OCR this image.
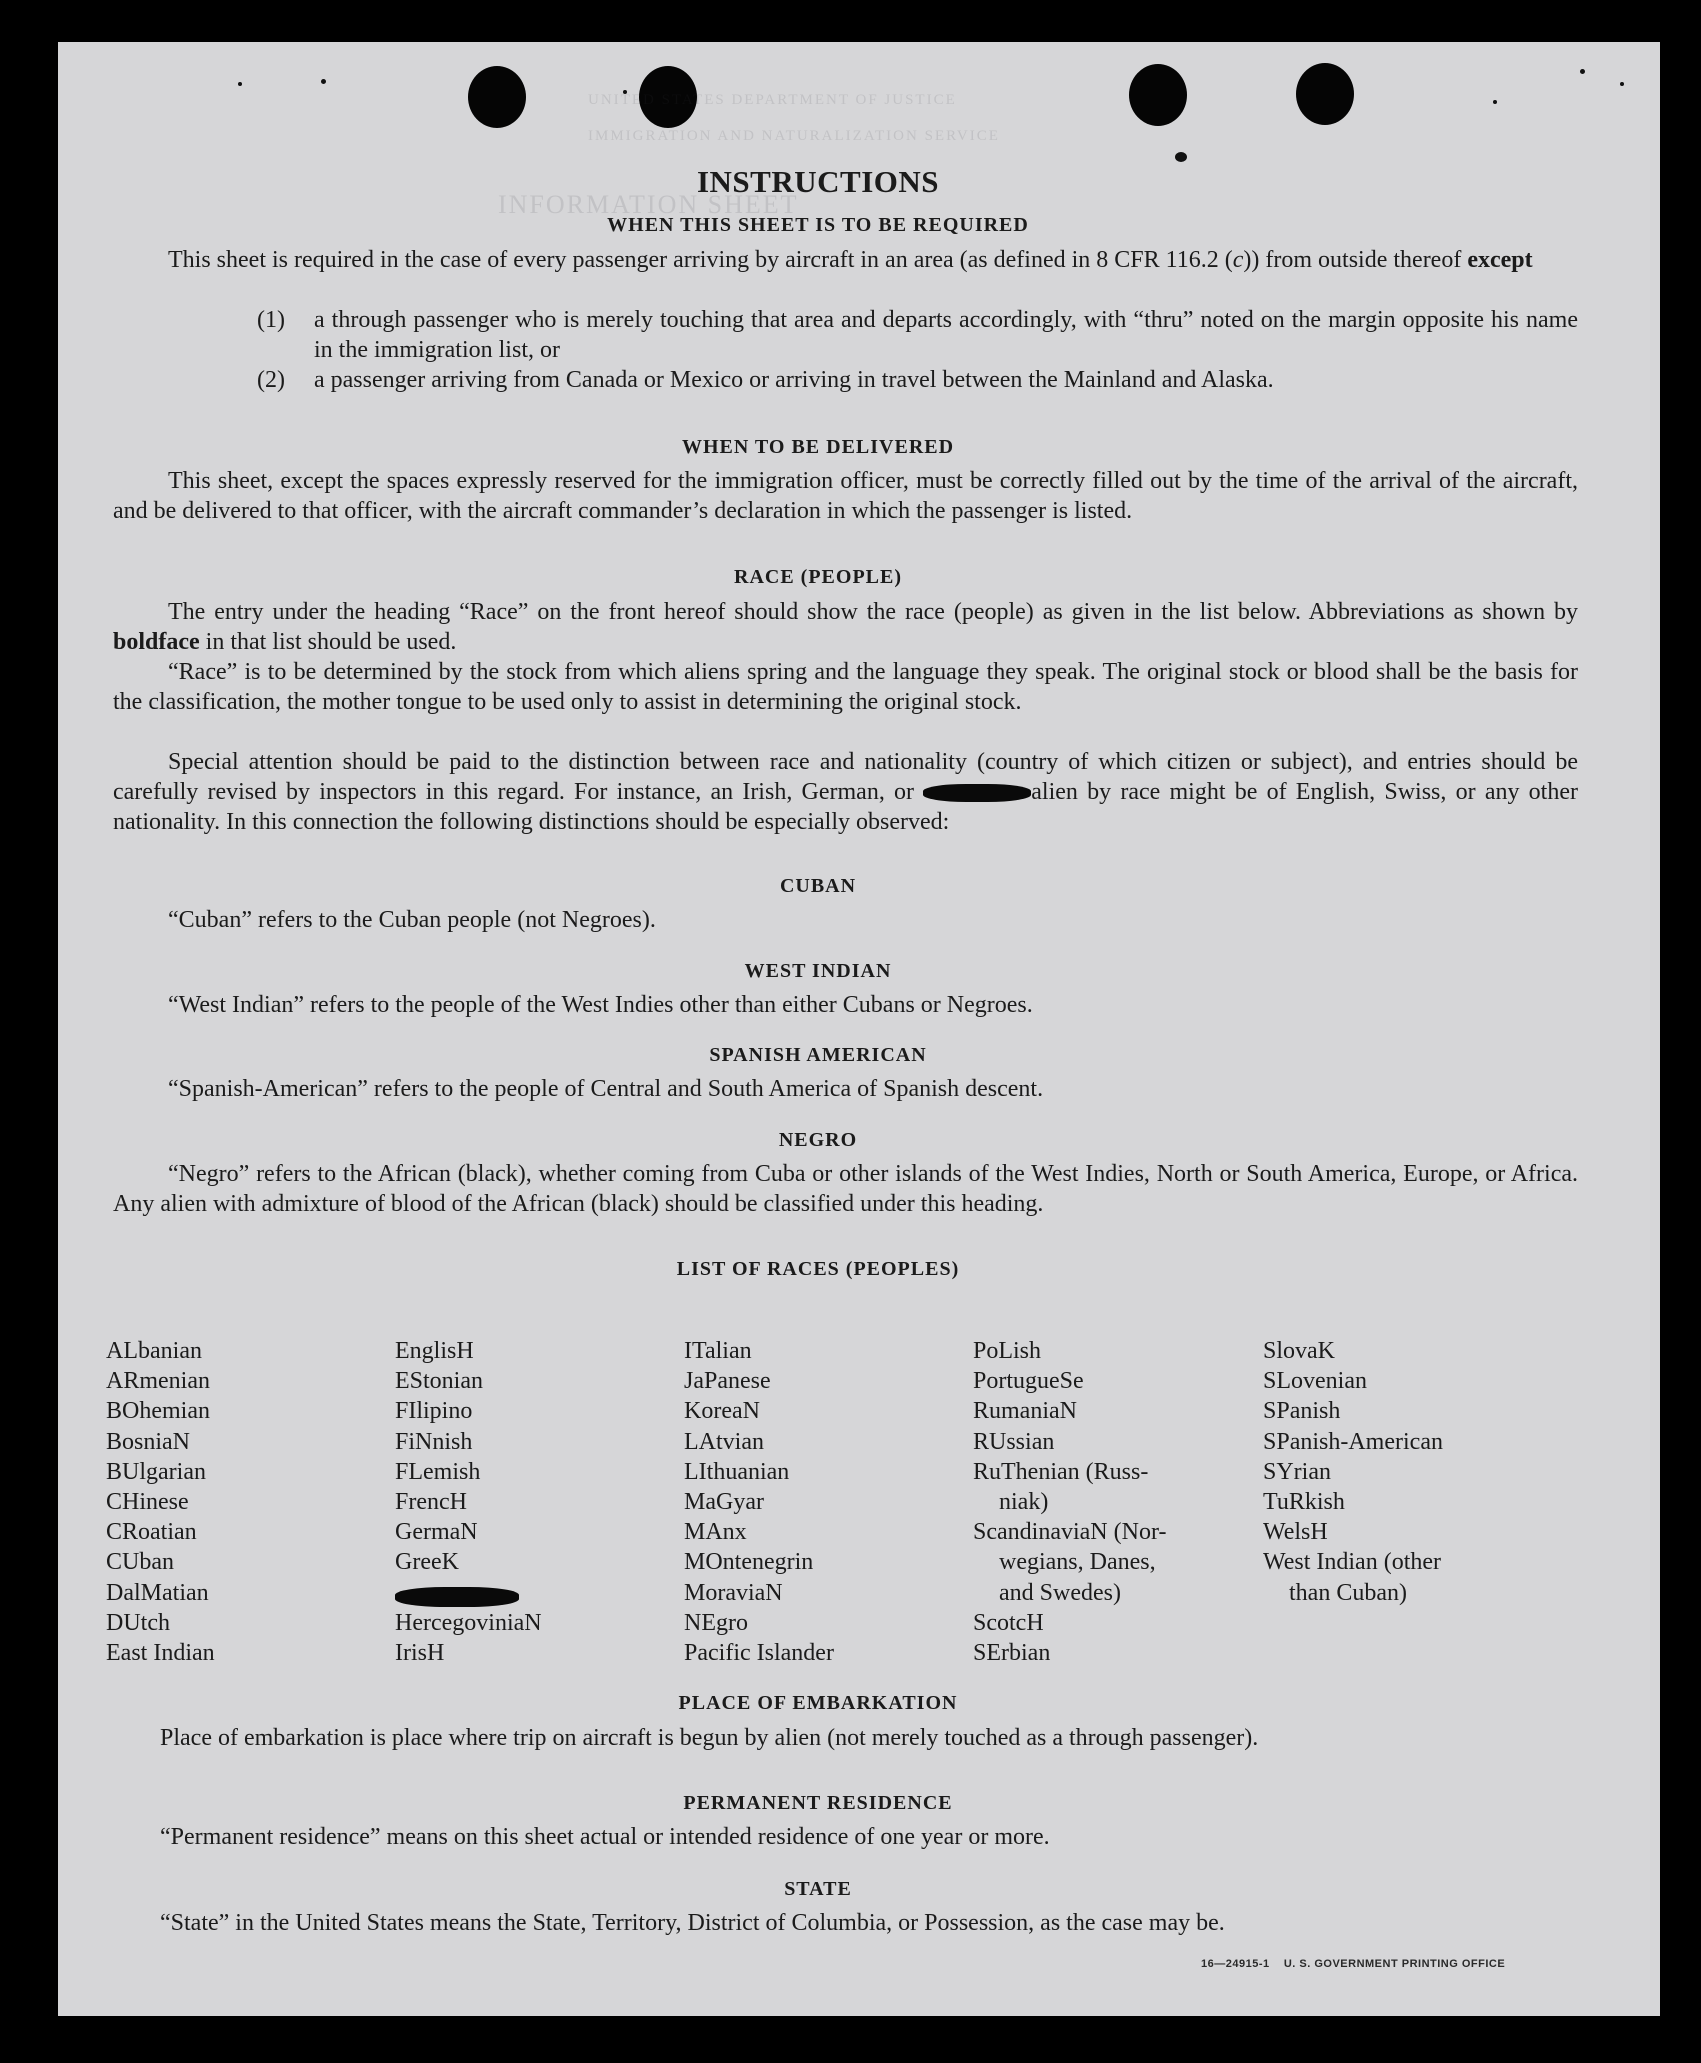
UNITED STATES DEPARTMENT OF JUSTICE
IMMIGRATION AND NATURALIZATION SERVICE
INFORMATION SHEET
INSTRUCTIONS
WHEN THIS SHEET IS TO BE REQUIRED

This sheet is required in the case of every passenger arriving by aircraft in an area (as defined in 8 CFR 116.2 (c)) from outside thereof except

(1) a through passenger who is merely touching that area and departs accordingly, with “thru” noted on the margin opposite his name in the immigration list, or
(2) a passenger arriving from Canada or Mexico or arriving in travel between the Mainland and Alaska.
WHEN TO BE DELIVERED

This sheet, except the spaces expressly reserved for the immigration officer, must be correctly filled out by the time of the arrival of the aircraft, and be delivered to that officer, with the aircraft commander’s declaration in which the passenger is listed.

RACE (PEOPLE)

The entry under the heading “Race” on the front hereof should show the race (people) as given in the list below. Abbreviations as shown by boldface in that list should be used.

“Race” is to be determined by the stock from which aliens spring and the language they speak. The original stock or blood shall be the basis for the classification, the mother tongue to be used only to assist in determining the original stock.

Special attention should be paid to the distinction between race and nationality (country of which citizen or subject), and entries should be carefully revised by inspectors in this regard. For instance, an Irish, German, or	alien by race might be of English, Swiss, or any other nationality. In this connection the following distinctions should be especially observed:

CUBAN

“Cuban” refers to the Cuban people (not Negroes).

WEST INDIAN

“West Indian” refers to the people of the West Indies other than either Cubans or Negroes.

SPANISH AMERICAN

“Spanish-American” refers to the people of Central and South America of Spanish descent.

NEGRO

“Negro” refers to the African (black), whether coming from Cuba or other islands of the West Indies, North or South America, Europe, or Africa. Any alien with admixture of blood of the African (black) should be classified under this heading.

LIST OF RACES (PEOPLES)
ALbanian
ARmenian
BOhemian
BosniaN
BUlgarian
CHinese
CRoatian
CUban
DalMatian
DUtch
East Indian
EnglisH
EStonian
FIlipino
FiNnish
FLemish
FrencH
GermaN
GreeK
HercegoviniaN
IrisH
ITalian
JaPanese
KoreaN
LAtvian
LIthuanian
MaGyar
MAnx
MOntenegrin
MoraviaN
NEgro
Pacific Islander
PoLish
PortugueSe
RumaniaN
RUssian
RuThenian (Russ-
niak)
ScandinaviaN (Nor-
wegians, Danes,
and Swedes)
ScotcH
SErbian
SlovaK
SLovenian
SPanish
SPanish-American
SYrian
TuRkish
WelsH
West Indian (other
than Cuban)
PLACE OF EMBARKATION

Place of embarkation is place where trip on aircraft is begun by alien (not merely touched as a through passenger).

PERMANENT RESIDENCE

“Permanent residence” means on this sheet actual or intended residence of one year or more.

STATE

“State” in the United States means the State, Territory, District of Columbia, or Possession, as the case may be.

16—24915-1 U. S. GOVERNMENT PRINTING OFFICE
